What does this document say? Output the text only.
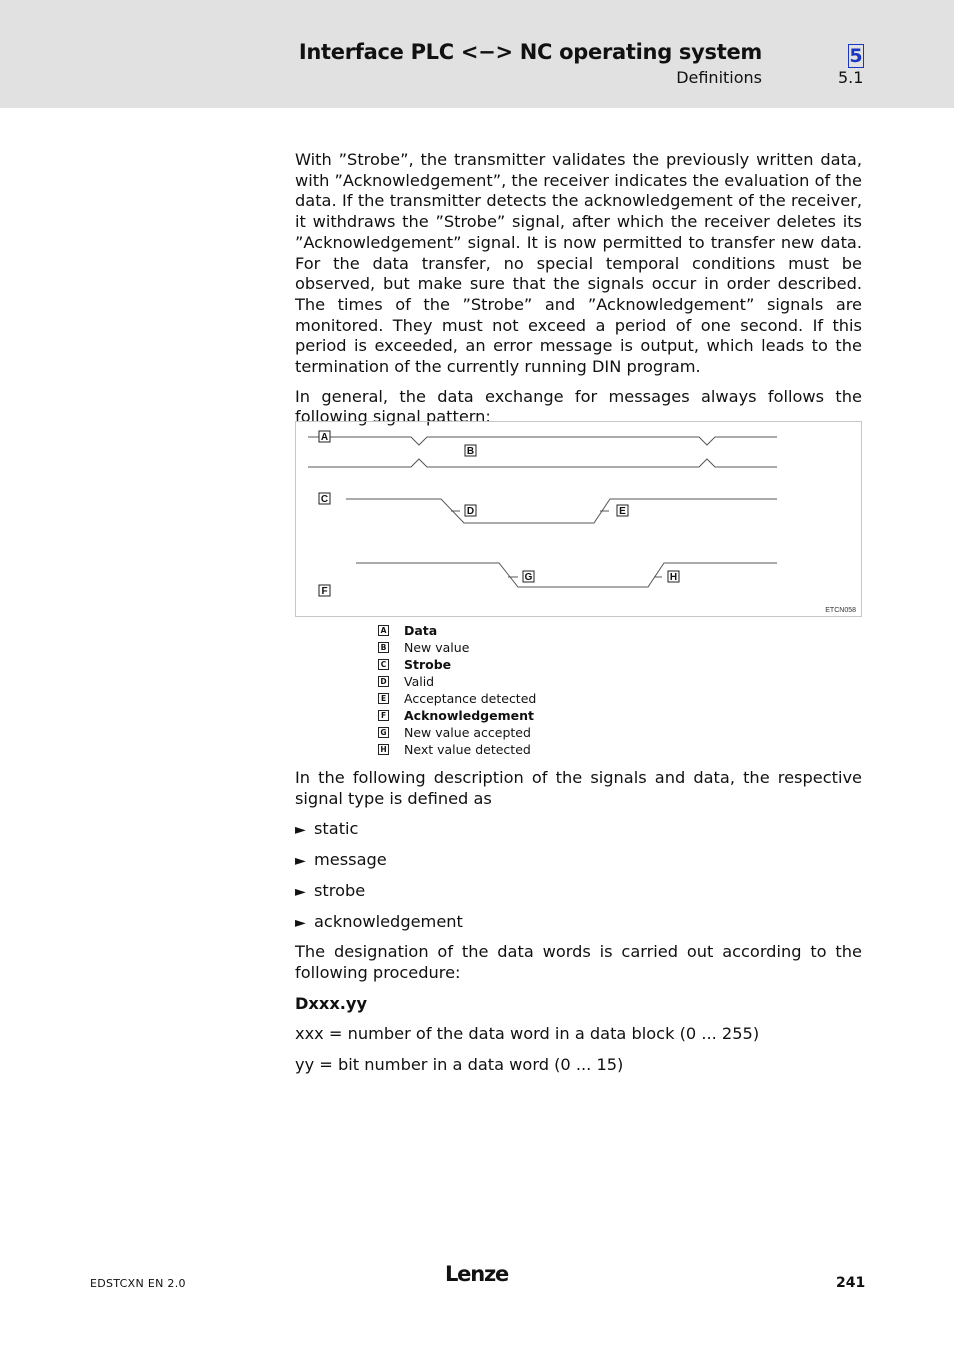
Interface PLC <−> NC operating system
Definitions
5
5.1

With ”Strobe”, the transmitter validates the previously written data, with ”Acknowledgement”, the receiver indicates the evaluation of the data. If the transmitter detects the acknowledgement of the receiver, it withdraws the ”Strobe” signal, after which the receiver deletes its ”Acknowledgement” signal. It is now permitted to transfer new data. For the data transfer, no special temporal conditions must be observed, but make sure that the signals occur in order described. The times of the ”Strobe” and ”Acknowledgement” signals are monitored. They must not exceed a period of one second. If this period is exceeded, an error message is output, which leads to the termination of the currently running DIN program.

In general, the data exchange for messages always follows the following signal pattern:

A
B
C
D	E
F
G	H
ETCN058
A Data
B New value
C Strobe
D Valid
E Acceptance detected
F Acknowledgement
G New value accepted
H Next value detected

In the following description of the signals and data, the respective signal type is defined as

► static

► message

► strobe

► acknowledgement

The designation of the data words is carried out according to the following procedure:

Dxxx.yy

xxx = number of the data word in a data block (0 ... 255)

yy = bit number in a data word (0 ... 15)

EDSTCXN EN 2.0	Lenze	241
